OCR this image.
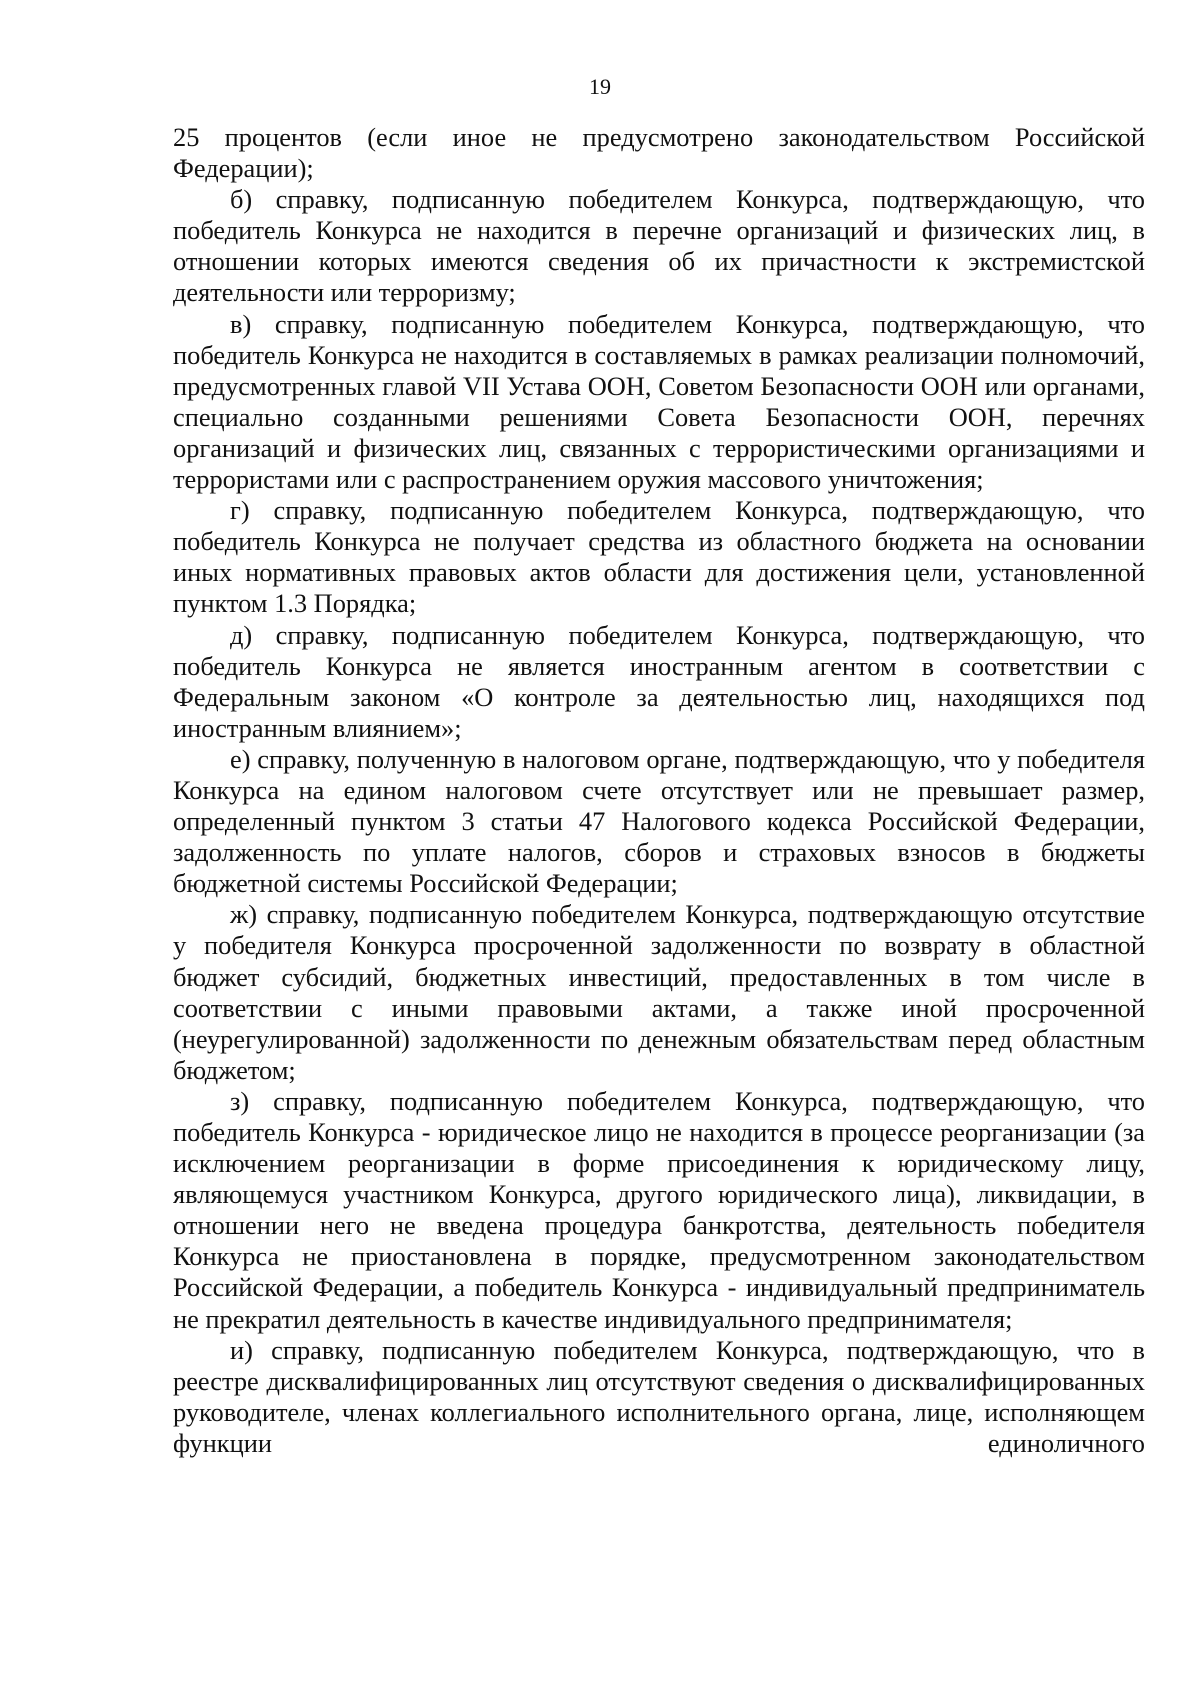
19

25 процентов (если иное не предусмотрено законодательством Российской Федерации);

б) справку, подписанную победителем Конкурса, подтверждающую, что победитель Конкурса не находится в перечне организаций и физических лиц, в отношении которых имеются сведения об их причастности к экстремистской деятельности или терроризму;

в) справку, подписанную победителем Конкурса, подтверждающую, что победитель Конкурса не находится в составляемых в рамках реализации полномочий, предусмотренных главой VII Устава ООН, Советом Безопасности ООН или органами, специально созданными решениями Совета Безопасности ООН, перечнях организаций и физических лиц, связанных с террористическими организациями и террористами или с распространением оружия массового уничтожения;

г) справку, подписанную победителем Конкурса, подтверждающую, что победитель Конкурса не получает средства из областного бюджета на основании иных нормативных правовых актов области для достижения цели, установленной пунктом 1.3 Порядка;

д) справку, подписанную победителем Конкурса, подтверждающую, что победитель Конкурса не является иностранным агентом в соответствии с Федеральным законом «О контроле за деятельностью лиц, находящихся под иностранным влиянием»;

е) справку, полученную в налоговом органе, подтверждающую, что у победителя Конкурса на едином налоговом счете отсутствует или не превышает размер, определенный пунктом 3 статьи 47 Налогового кодекса Российской Федерации, задолженность по уплате налогов, сборов и страховых взносов в бюджеты бюджетной системы Российской Федерации;

ж) справку, подписанную победителем Конкурса, подтверждающую отсутствие у победителя Конкурса просроченной задолженности по возврату в областной бюджет субсидий, бюджетных инвестиций, предоставленных в том числе в соответствии с иными правовыми актами, а также иной просроченной (неурегулированной) задолженности по денежным обязательствам перед областным бюджетом;

з) справку, подписанную победителем Конкурса, подтверждающую, что победитель Конкурса - юридическое лицо не находится в процессе реорганизации (за исключением реорганизации в форме присоединения к юридическому лицу, являющемуся участником Конкурса, другого юридического лица), ликвидации, в отношении него не введена процедура банкротства, деятельность победителя Конкурса не приостановлена в порядке, предусмотренном законодательством Российской Федерации, а победитель Конкурса - индивидуальный предприниматель не прекратил деятельность в качестве индивидуального предпринимателя;

и) справку, подписанную победителем Конкурса, подтверждающую, что в реестре дисквалифицированных лиц отсутствуют сведения о дисквалифицированных руководителе, членах коллегиального исполнительного органа, лице, исполняющем функции единоличного
